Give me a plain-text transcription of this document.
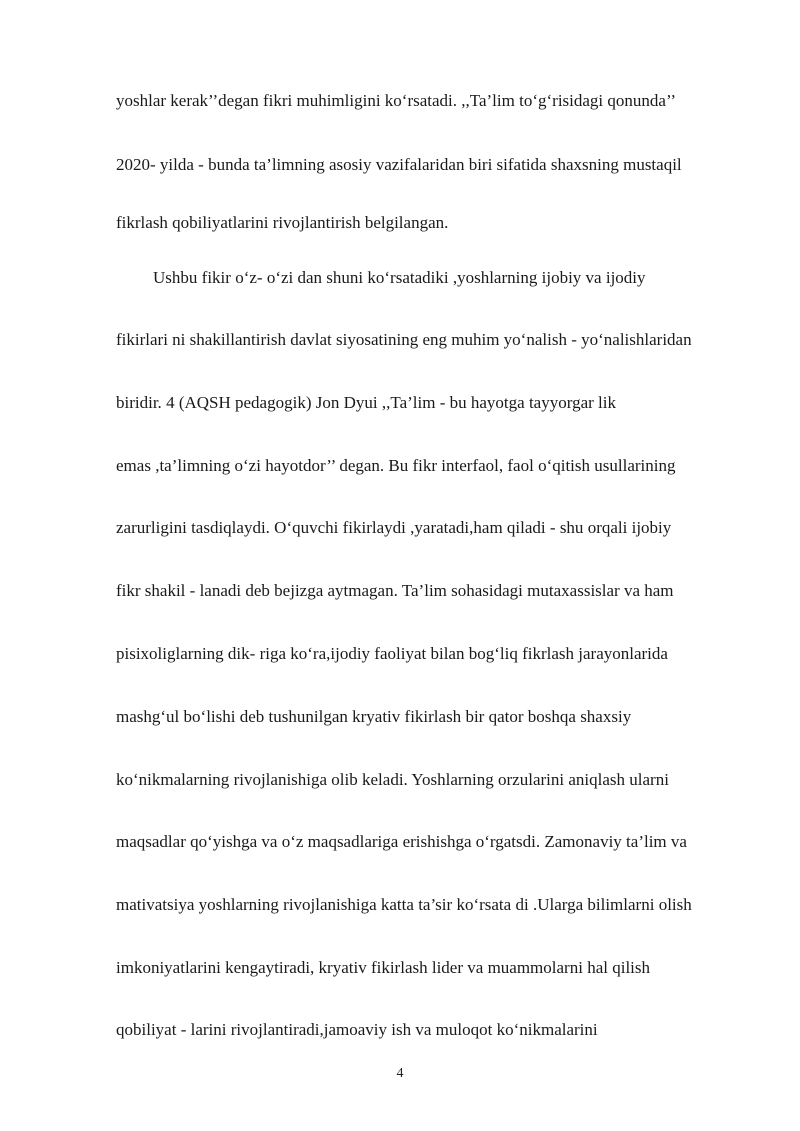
yoshlar kerak’’degan fikri muhimligini ko‘rsatadi. ,,Ta’lim to‘g‘risidagi qonunda’’
2020- yilda - bunda ta’limning asosiy vazifalaridan biri sifatida shaxsning mustaqil
fikrlash qobiliyatlarini rivojlantirish belgilangan.
Ushbu fikir o‘z- o‘zi dan shuni ko‘rsatadiki ,yoshlarning ijobiy va ijodiy
fikirlari ni shakillantirish davlat siyosatining eng muhim yo‘nalish - yo‘nalishlaridan
biridir. 4 (AQSH pedagogik) Jon Dyui ,,Ta’lim - bu hayotga tayyorgar lik
emas ,ta’limning o‘zi hayotdor’’ degan. Bu fikr interfaol, faol o‘qitish usullarining
zarurligini tasdiqlaydi. O‘quvchi fikirlaydi ,yaratadi,ham qiladi - shu orqali ijobiy
fikr shakil - lanadi deb bejizga aytmagan. Ta’lim sohasidagi mutaxassislar va ham
pisixoliglarning dik- riga ko‘ra,ijodiy faoliyat bilan bog‘liq fikrlash jarayonlarida
mashg‘ul bo‘lishi deb tushunilgan kryativ fikirlash bir qator boshqa shaxsiy
ko‘nikmalarning rivojlanishiga olib keladi. Yoshlarning orzularini aniqlash ularni
maqsadlar qo‘yishga va o‘z maqsadlariga erishishga o‘rgatsdi. Zamonaviy ta’lim va
mativatsiya yoshlarning rivojlanishiga katta ta’sir ko‘rsata di .Ularga bilimlarni olish
imkoniyatlarini kengaytiradi, kryativ fikirlash lider va muammolarni hal qilish
qobiliyat - larini rivojlantiradi,jamoaviy ish va muloqot ko‘nikmalarini
4
